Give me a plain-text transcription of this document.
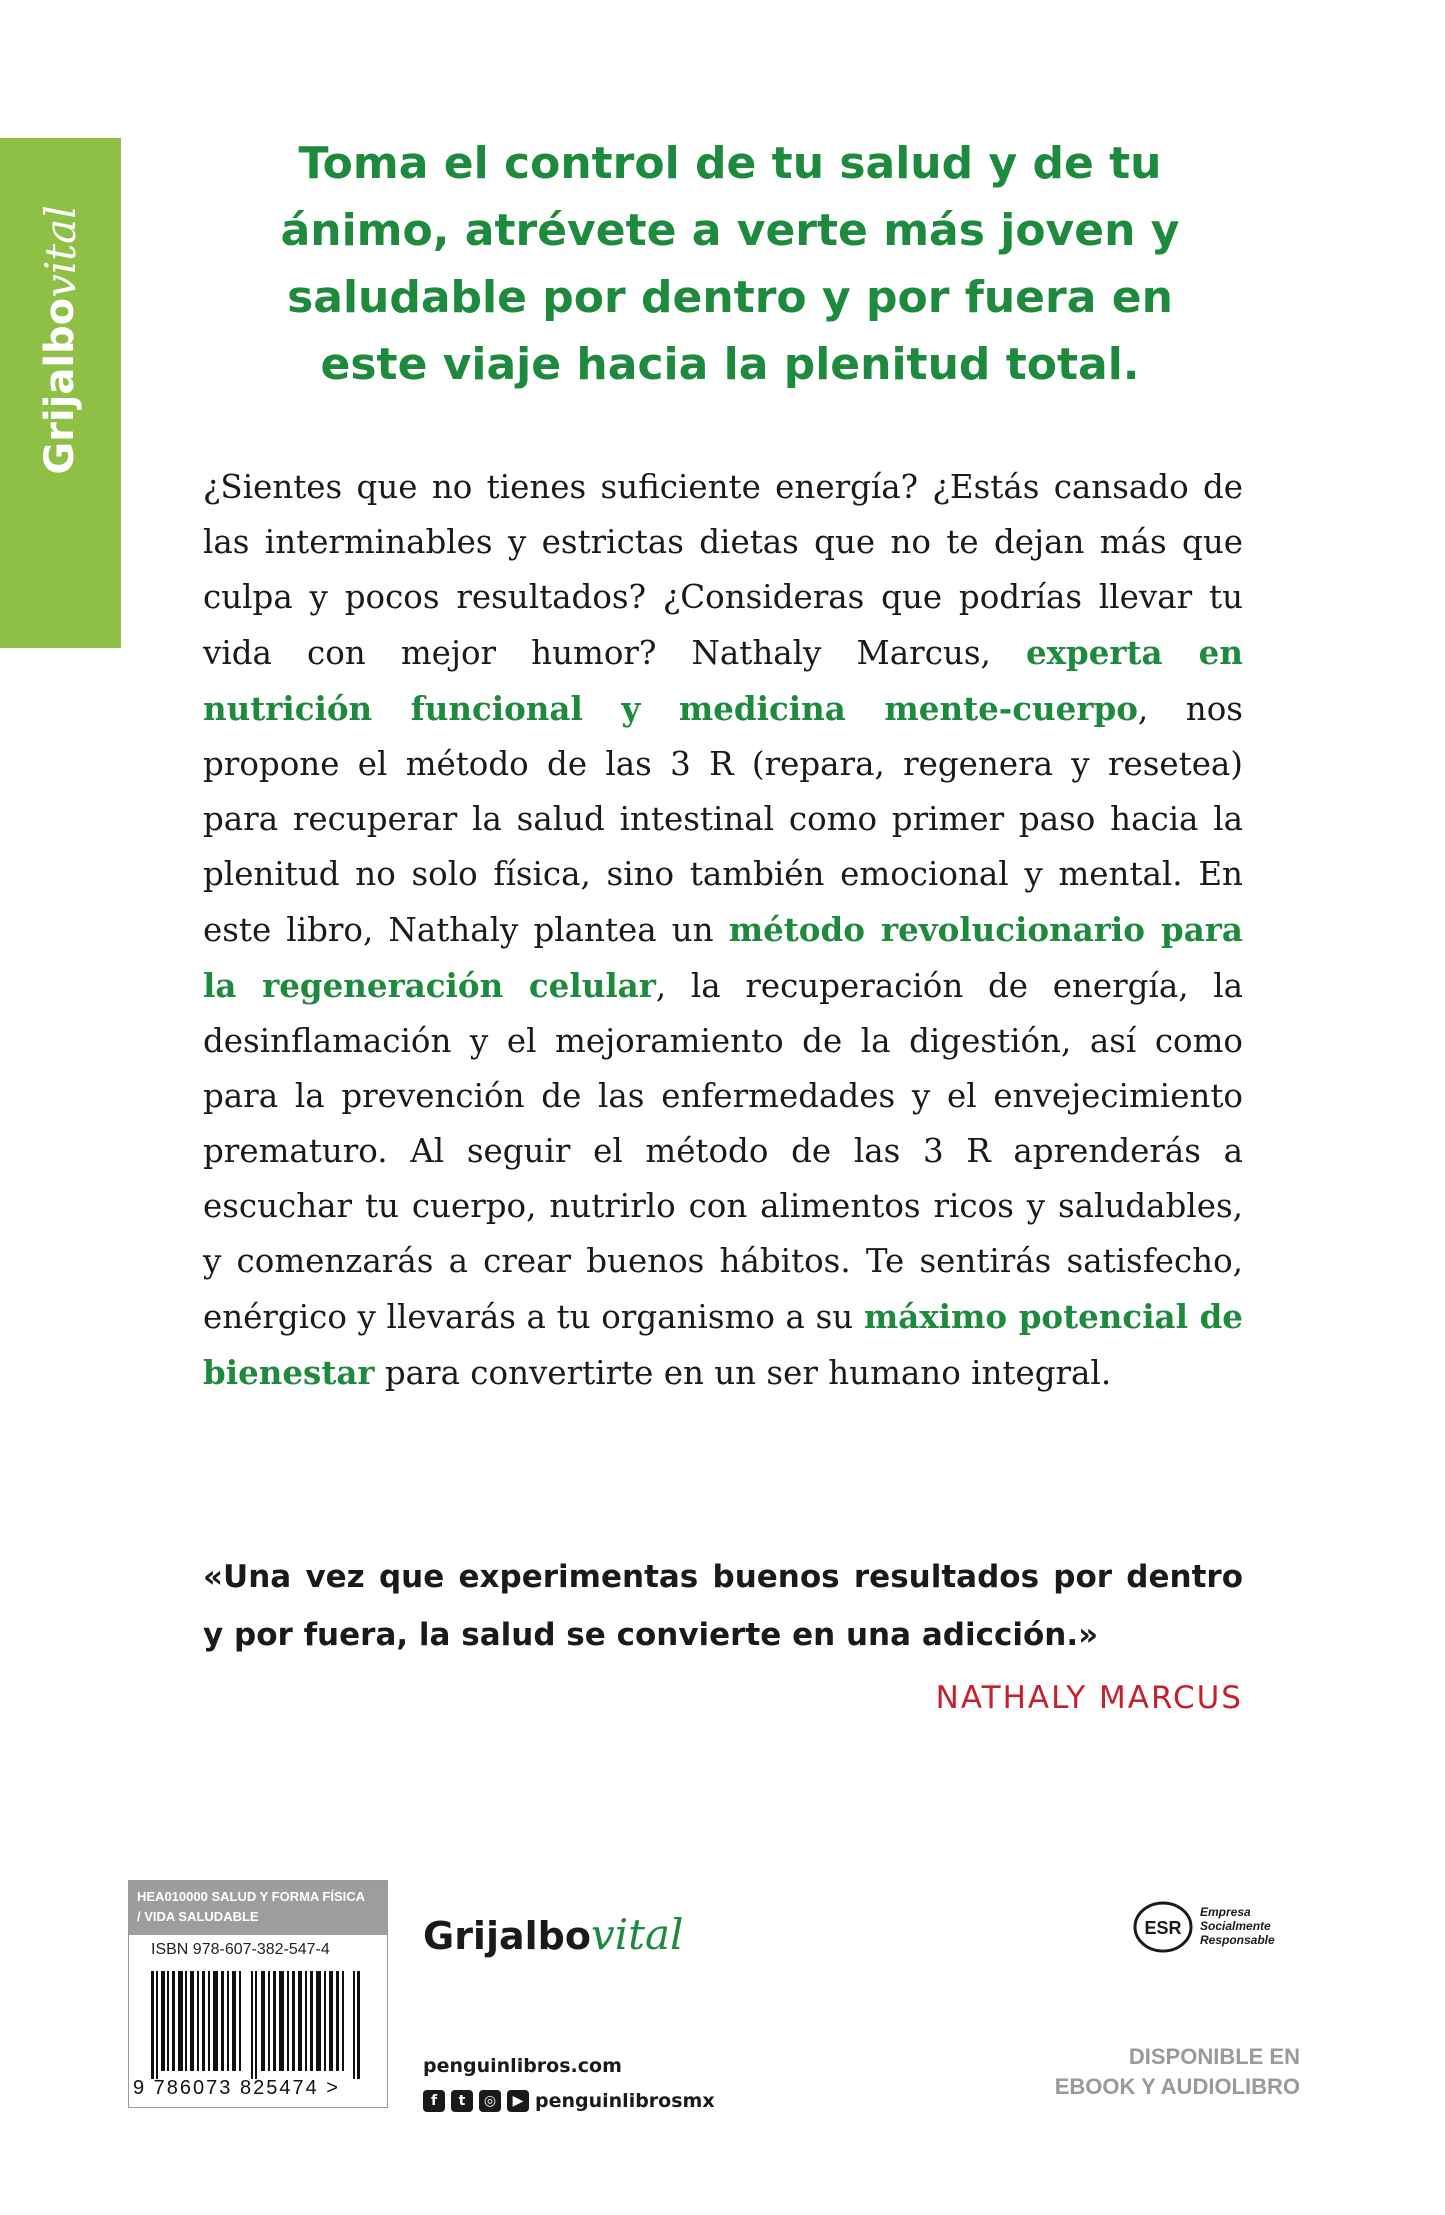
Grijalbo
vital
Toma el control de tu salud y de tu ánimo, atrévete a verte más joven y saludable por dentro y por fuera en este viaje hacia la plenitud total.
¿Sientes que no tienes suficiente energía? ¿Estás cansado de las interminables y estrictas dietas que no te dejan más que culpa y pocos resultados? ¿Consideras que podrías llevar tu vida con mejor humor? Nathaly Marcus, experta en nutrición funcional y medicina mente-cuerpo, nos propone el método de las 3 R (repara, regenera y resetea) para recuperar la salud intestinal como primer paso hacia la plenitud no solo física, sino también emocional y mental. En este libro, Nathaly plantea un método revolucionario para la regeneración celular, la recuperación de energía, la desinflamación y el mejoramiento de la digestión, así como para la prevención de las enfermedades y el envejecimiento prematuro. Al seguir el método de las 3 R aprenderás a escuchar tu cuerpo, nutrirlo con alimentos ricos y saludables, y comenzarás a crear buenos hábitos. Te sentirás satisfecho, enérgico y llevarás a tu organismo a su máximo potencial de bienestar para convertirte en un ser humano integral.
«Una vez que experimentas buenos resultados por dentro y por fuera, la salud se convierte en una adicción.»
NATHALY MARCUS
HEA010000 SALUD Y FORMA FÍSICA
/ VIDA SALUDABLE
ISBN 978-607-382-547-4
9 786073 825474 >
Grijalbovital
penguinlibros.com
f	t	◎	▶ penguinlibrosmx
ESR
Empresa
Socialmente
Responsable
DISPONIBLE EN
EBOOK Y AUDIOLIBRO
